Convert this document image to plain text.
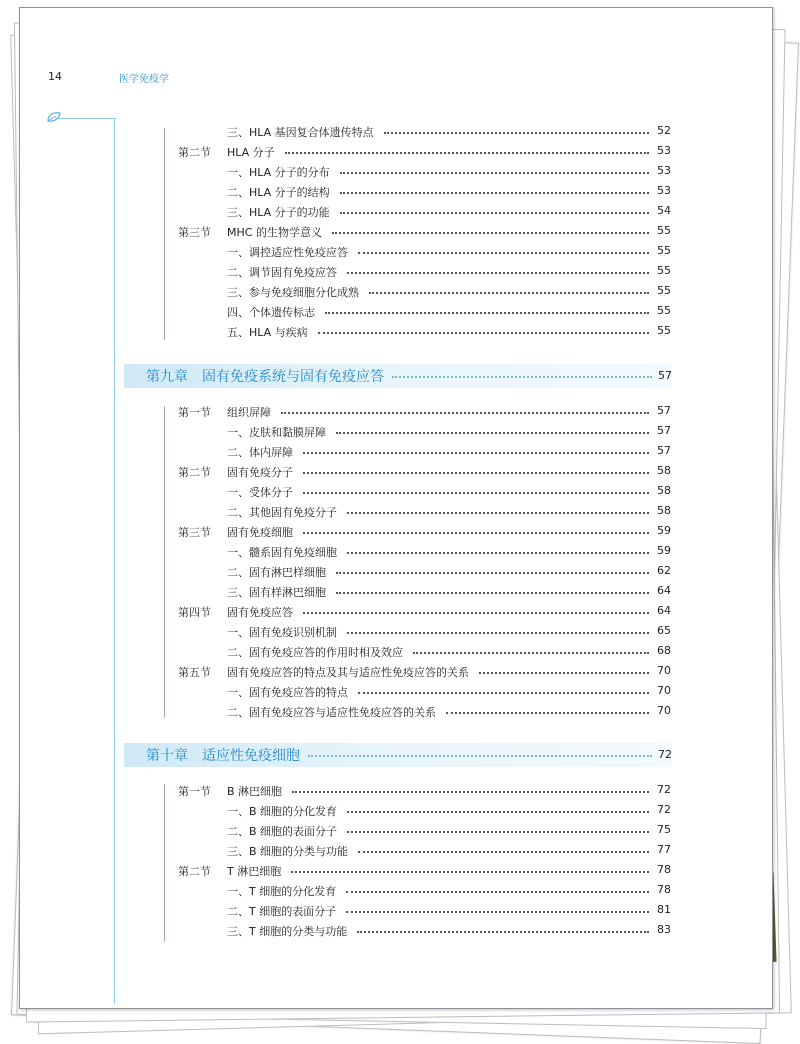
14	医学免疫学
三、HLA 基因复合体遗传特点	52
第二节 HLA 分子	53
一、HLA 分子的分布	53
二、HLA 分子的结构	53
三、HLA 分子的功能	54
第三节 MHC 的生物学意义	55
一、调控适应性免疫应答	55
二、调节固有免疫应答	55
三、参与免疫细胞分化成熟	55
四、个体遗传标志	55
五、HLA 与疾病	55
第九章　固有免疫系统与固有免疫应答	57
第一节 组织屏障	57
一、皮肤和黏膜屏障	57
二、体内屏障	57
第二节 固有免疫分子	58
一、受体分子	58
二、其他固有免疫分子	58
第三节 固有免疫细胞	59
一、髓系固有免疫细胞	59
二、固有淋巴样细胞	62
三、固有样淋巴细胞	64
第四节 固有免疫应答	64
一、固有免疫识别机制	65
二、固有免疫应答的作用时相及效应	68
第五节 固有免疫应答的特点及其与适应性免疫应答的关系	70
一、固有免疫应答的特点	70
二、固有免疫应答与适应性免疫应答的关系	70
第十章　适应性免疫细胞	72
第一节 B 淋巴细胞	72
一、B 细胞的分化发育	72
二、B 细胞的表面分子	75
三、B 细胞的分类与功能	77
第二节 T 淋巴细胞	78
一、T 细胞的分化发育	78
二、T 细胞的表面分子	81
三、T 细胞的分类与功能	83
